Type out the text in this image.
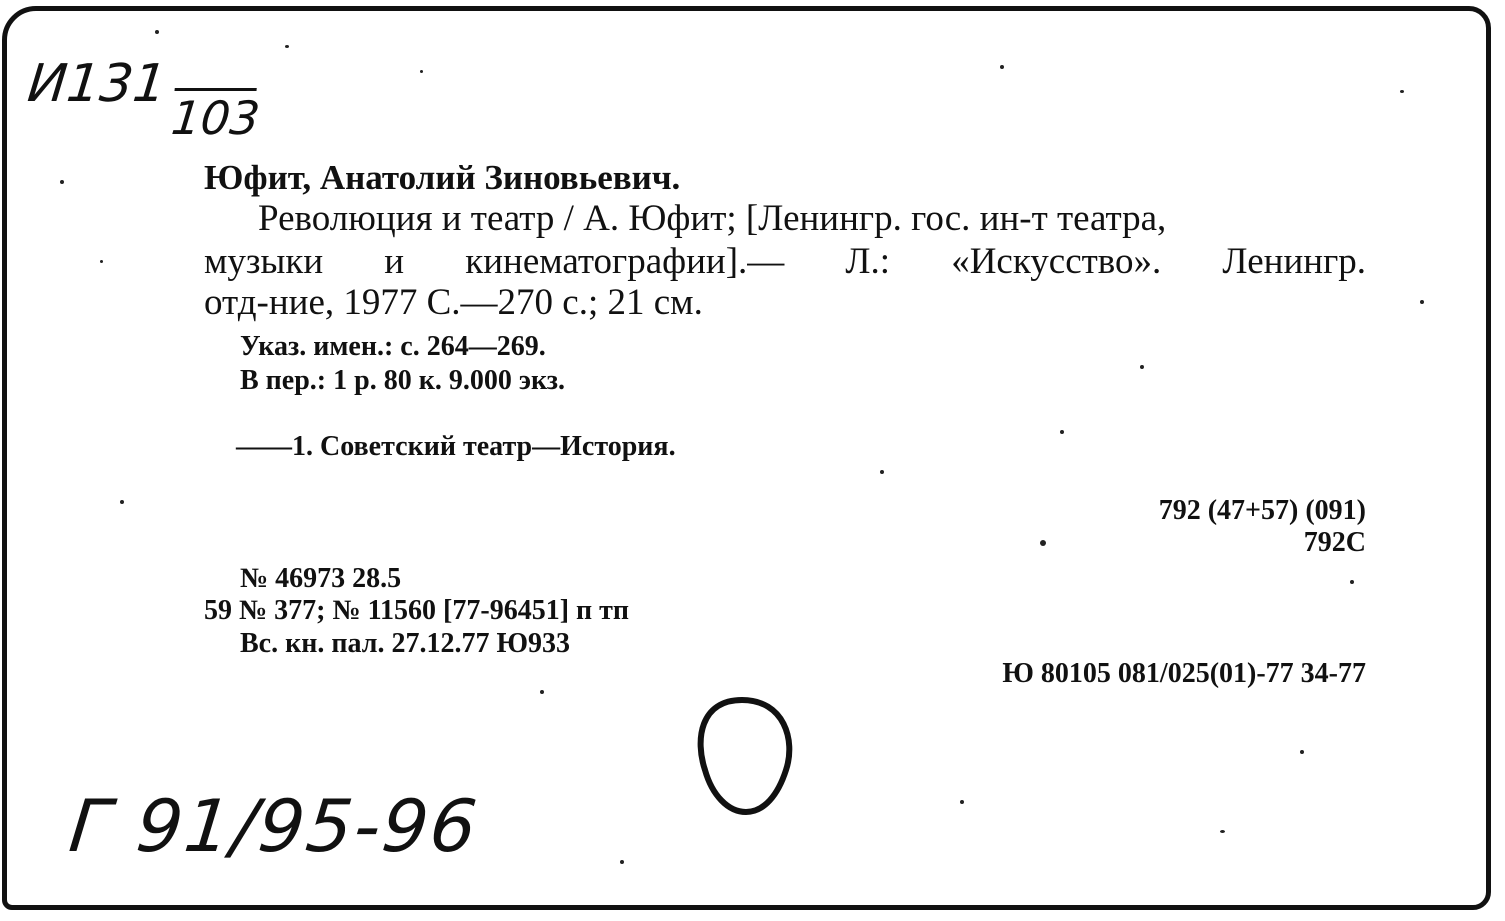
И131
103
Юфит, Анатолий Зиновьевич.
Революция и театр / А. Юфит; [Ленингр. гос. ин-т театра,
музыки и кинематографии].— Л.: «Искусство». Ленингр.
отд-ние, 1977 С.—270 с.; 21 см.
Указ. имен.: с. 264—269.
В пер.: 1 р. 80 к. 9.000 экз.
——1. Советский театр—История.
792 (47+57) (091)
792С
№ 46973 28.5
59 № 377; № 11560 [77-96451] п тп
Вс. кн. пал. 27.12.77 Ю933
Ю 80105 081/025(01)-77 34-77
Г 91/95-96
